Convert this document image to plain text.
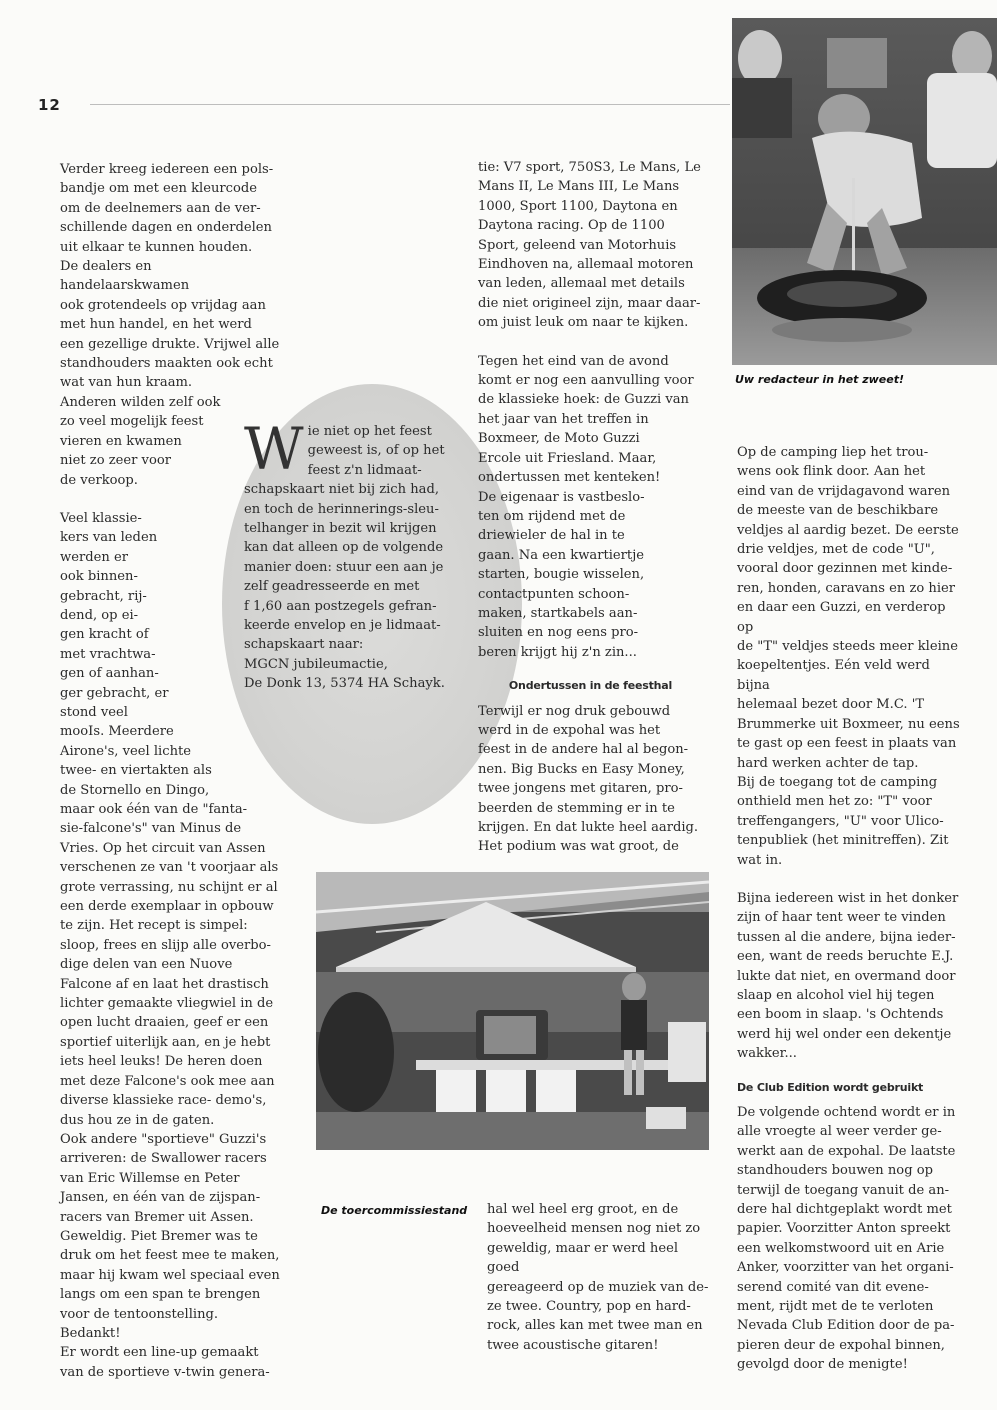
12
Uw redacteur in het zweet!

Verder kreeg iedereen een pols-
bandje om met een kleurcode
om de deelnemers aan de ver-
schillende dagen en onderdelen
uit elkaar te kunnen houden.
De dealers en handelaarskwamen
ook grotendeels op vrijdag aan
met hun handel, en het werd
een gezellige drukte. Vrijwel alle
standhouders maakten ook echt
wat van hun kraam.
Anderen wilden zelf ook
zo veel mogelijk feest
vieren en kwamen
niet zo zeer voor
de verkoop.

Veel klassie-
kers van leden
werden er
ook binnen-
gebracht, rij-
dend, op ei-
gen kracht of
met vrachtwa-
gen of aanhan-
ger gebracht, er
stond veel
mooIs. Meerdere
Airone's, veel lichte
twee- en viertakten als
de Stornello en Dingo,
maar ook één van de "fanta-
sie-falcone's" van Minus de
Vries. Op het circuit van Assen
verschenen ze van 't voorjaar als
grote verrassing, nu schijnt er al
een derde exemplaar in opbouw
te zijn. Het recept is simpel:
sloop, frees en slijp alle overbo-
dige delen van een Nuove
Falcone af en laat het drastisch
lichter gemaakte vliegwiel in de
open lucht draaien, geef er een
sportief uiterlijk aan, en je hebt
iets heel leuks! De heren doen
met deze Falcone's ook mee aan
diverse klassieke race- demo's,
dus hou ze in de gaten.
Ook andere "sportieve" Guzzi's
arriveren: de Swallower racers
van Eric Willemse en Peter
Jansen, en één van de zijspan-
racers van Bremer uit Assen.
Geweldig. Piet Bremer was te
druk om het feest mee te maken,
maar hij kwam wel speciaal even
langs om een span te brengen
voor de tentoonstelling. Bedankt!
Er wordt een line-up gemaakt
van de sportieve v-twin genera-

W ie niet op het feest
geweest is, of op het
feest z'n lidmaat-
schapskaart niet bij zich had,
en toch de herinnerings-sleu-
telhanger in bezit wil krijgen
kan dat alleen op de volgende
manier doen: stuur een aan je
zelf geadresseerde en met
f 1,60 aan postzegels gefran-
keerde envelop en je lidmaat-
schapskaart naar:
MGCN jubileumactie,
De Donk 13, 5374 HA Schayk.

tie: V7 sport, 750S3, Le Mans, Le
Mans II, Le Mans III, Le Mans
1000, Sport 1100, Daytona en
Daytona racing. Op de 1100
Sport, geleend van Motorhuis
Eindhoven na, allemaal motoren
van leden, allemaal met details
die niet origineel zijn, maar daar-
om juist leuk om naar te kijken.

Tegen het eind van de avond
komt er nog een aanvulling voor
de klassieke hoek: de Guzzi van
het jaar van het treffen in
Boxmeer, de Moto Guzzi
Ercole uit Friesland. Maar,
ondertussen met kenteken!
De eigenaar is vastbeslo-
ten om rijdend met de
driewieler de hal in te
gaan. Na een kwartiertje
starten, bougie wisselen,
contactpunten schoon-
maken, startkabels aan-
sluiten en nog eens pro-
beren krijgt hij z'n zin...

Ondertussen in de feesthal

Terwijl er nog druk gebouwd
werd in de expohal was het
feest in de andere hal al begon-
nen. Big Bucks en Easy Money,
twee jongens met gitaren, pro-
beerden de stemming er in te
krijgen. En dat lukte heel aardig.
Het podium was wat groot, de

De toercommissiestand hal wel heel erg groot, en de
hoeveelheid mensen nog niet zo
geweldig, maar er werd heel goed
gereageerd op de muziek van de-
ze twee. Country, pop en hard-
rock, alles kan met twee man en
twee acoustische gitaren!

Op de camping liep het trou-
wens ook flink door. Aan het
eind van de vrijdagavond waren
de meeste van de beschikbare
veldjes al aardig bezet. De eerste
drie veldjes, met de code "U",
vooral door gezinnen met kinde-
ren, honden, caravans en zo hier
en daar een Guzzi, en verderop op
de "T" veldjes steeds meer kleine
koepeltentjes. Eén veld werd bijna
helemaal bezet door M.C. 'T
Brummerke uit Boxmeer, nu eens
te gast op een feest in plaats van
hard werken achter de tap.
Bij de toegang tot de camping
onthield men het zo: "T" voor
treffengangers, "U" voor Ulico-
tenpubliek (het minitreffen). Zit
wat in.

Bijna iedereen wist in het donker
zijn of haar tent weer te vinden
tussen al die andere, bijna ieder-
een, want de reeds beruchte E.J.
lukte dat niet, en overmand door
slaap en alcohol viel hij tegen
een boom in slaap. 's Ochtends
werd hij wel onder een dekentje
wakker...

De Club Edition wordt gebruikt

De volgende ochtend wordt er in
alle vroegte al weer verder ge-
werkt aan de expohal. De laatste
standhouders bouwen nog op
terwijl de toegang vanuit de an-
dere hal dichtgeplakt wordt met
papier. Voorzitter Anton spreekt
een welkomstwoord uit en Arie
Anker, voorzitter van het organi-
serend comité van dit evene-
ment, rijdt met de te verloten
Nevada Club Edition door de pa-
pieren deur de expohal binnen,
gevolgd door de menigte!
